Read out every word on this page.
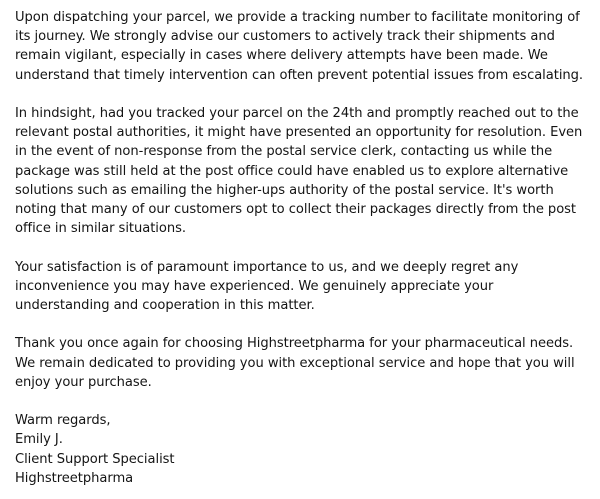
Upon dispatching your parcel, we provide a tracking number to facilitate monitoring of
its journey. We strongly advise our customers to actively track their shipments and
remain vigilant, especially in cases where delivery attempts have been made. We
understand that timely intervention can often prevent potential issues from escalating.

In hindsight, had you tracked your parcel on the 24th and promptly reached out to the
relevant postal authorities, it might have presented an opportunity for resolution. Even
in the event of non-response from the postal service clerk, contacting us while the
package was still held at the post office could have enabled us to explore alternative
solutions such as emailing the higher-ups authority of the postal service. It's worth
noting that many of our customers opt to collect their packages directly from the post
office in similar situations.

Your satisfaction is of paramount importance to us, and we deeply regret any
inconvenience you may have experienced. We genuinely appreciate your
understanding and cooperation in this matter.

Thank you once again for choosing Highstreetpharma for your pharmaceutical needs.
We remain dedicated to providing you with exceptional service and hope that you will
enjoy your purchase.

Warm regards,
Emily J.
Client Support Specialist
Highstreetpharma
